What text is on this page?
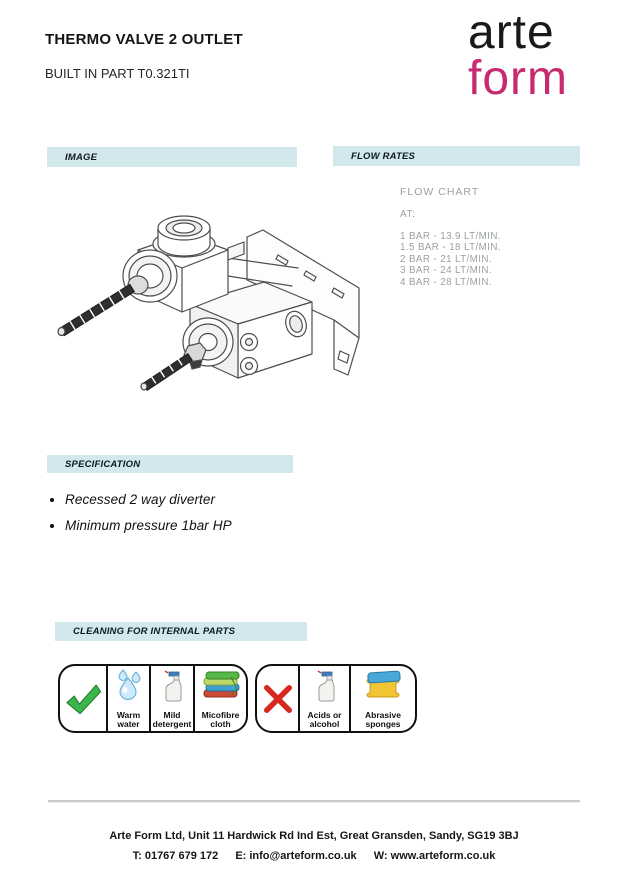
THERMO VALVE 2 OUTLET
BUILT IN PART T0.321TI
arte
form
IMAGE	FLOW RATES
FLOW CHART
AT:
1 BAR - 13.9 LT/MIN.
1.5 BAR - 18 LT/MIN.
2 BAR - 21 LT/MIN.
3 BAR - 24 LT/MIN.
4 BAR - 28 LT/MIN.
SPECIFICATION
• Recessed 2 way diverter
• Minimum pressure 1bar HP
CLEANING FOR INTERNAL PARTS
Warm water
Mild detergent
Micofibre cloth
Acids or alcohol
Abrasive sponges
Arte Form Ltd, Unit 11 Hardwick Rd Ind Est, Great Gransden, Sandy, SG19 3BJ
T: 01767 679 172 E: info@arteform.co.uk W: www.arteform.co.uk
